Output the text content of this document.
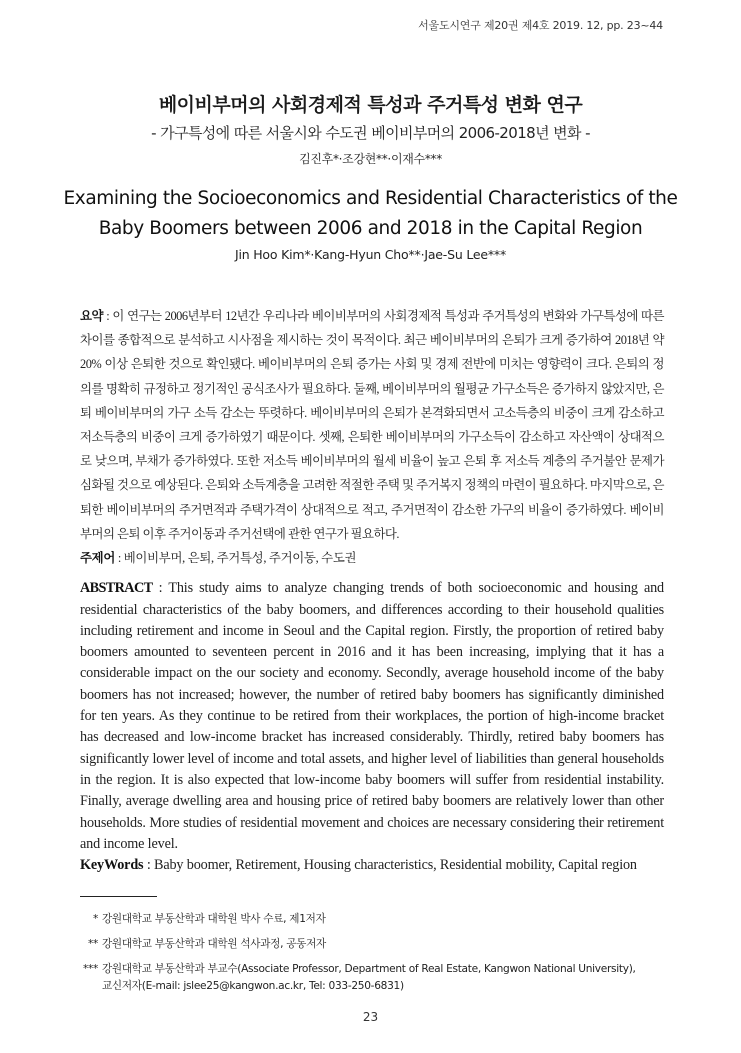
서울도시연구 제20권 제4호 2019. 12, pp. 23~44
베이비부머의 사회경제적 특성과 주거특성 변화 연구
- 가구특성에 따른 서울시와 수도권 베이비부머의 2006-2018년 변화 -
김진후*·조강현**·이재수***
Examining the Socioeconomics and Residential Characteristics of the Baby Boomers between 2006 and 2018 in the Capital Region
Jin Hoo Kim*·Kang-Hyun Cho**·Jae-Su Lee***
요약 : 이 연구는 2006년부터 12년간 우리나라 베이비부머의 사회경제적 특성과 주거특성의 변화와 가구특성에 따른 차이를 종합적으로 분석하고 시사점을 제시하는 것이 목적이다. 최근 베이비부머의 은퇴가 크게 증가하여 2018년 약 20% 이상 은퇴한 것으로 확인됐다. 베이비부머의 은퇴 증가는 사회 및 경제 전반에 미치는 영향력이 크다. 은퇴의 정의를 명확히 규정하고 정기적인 공식조사가 필요하다. 둘째, 베이비부머의 월평균 가구소득은 증가하지 않았지만, 은퇴 베이비부머의 가구 소득 감소는 뚜렷하다. 베이비부머의 은퇴가 본격화되면서 고소득층의 비중이 크게 감소하고 저소득층의 비중이 크게 증가하였기 때문이다. 셋째, 은퇴한 베이비부머의 가구소득이 감소하고 자산액이 상대적으로 낮으며, 부채가 증가하였다. 또한 저소득 베이비부머의 월세 비율이 높고 은퇴 후 저소득 계층의 주거불안 문제가 심화될 것으로 예상된다. 은퇴와 소득계층을 고려한 적절한 주택 및 주거복지 정책의 마련이 필요하다. 마지막으로, 은퇴한 베이비부머의 주거면적과 주택가격이 상대적으로 적고, 주거면적이 감소한 가구의 비율이 증가하였다. 베이비부머의 은퇴 이후 주거이동과 주거선택에 관한 연구가 필요하다.
주제어 : 베이비부머, 은퇴, 주거특성, 주거이동, 수도권
ABSTRACT : This study aims to analyze changing trends of both socioeconomic and housing and residential characteristics of the baby boomers, and differences according to their household qualities including retirement and income in Seoul and the Capital region. Firstly, the proportion of retired baby boomers amounted to seventeen percent in 2016 and it has been increasing, implying that it has a considerable impact on the our society and economy. Secondly, average household income of the baby boomers has not increased; however, the number of retired baby boomers has significantly diminished for ten years. As they continue to be retired from their workplaces, the portion of high-income bracket has decreased and low-income bracket has increased considerably. Thirdly, retired baby boomers has significantly lower level of income and total assets, and higher level of liabilities than general households in the region. It is also expected that low-income baby boomers will suffer from residential instability. Finally, average dwelling area and housing price of retired baby boomers are relatively lower than other households. More studies of residential movement and choices are necessary considering their retirement and income level.
KeyWords : Baby boomer, Retirement, Housing characteristics, Residential mobility, Capital region
* 강원대학교 부동산학과 대학원 박사 수료, 제1저자
** 강원대학교 부동산학과 대학원 석사과정, 공동저자
*** 강원대학교 부동산학과 부교수(Associate Professor, Department of Real Estate, Kangwon National University),
교신저자(E-mail: jslee25@kangwon.ac.kr, Tel: 033-250-6831)
23
